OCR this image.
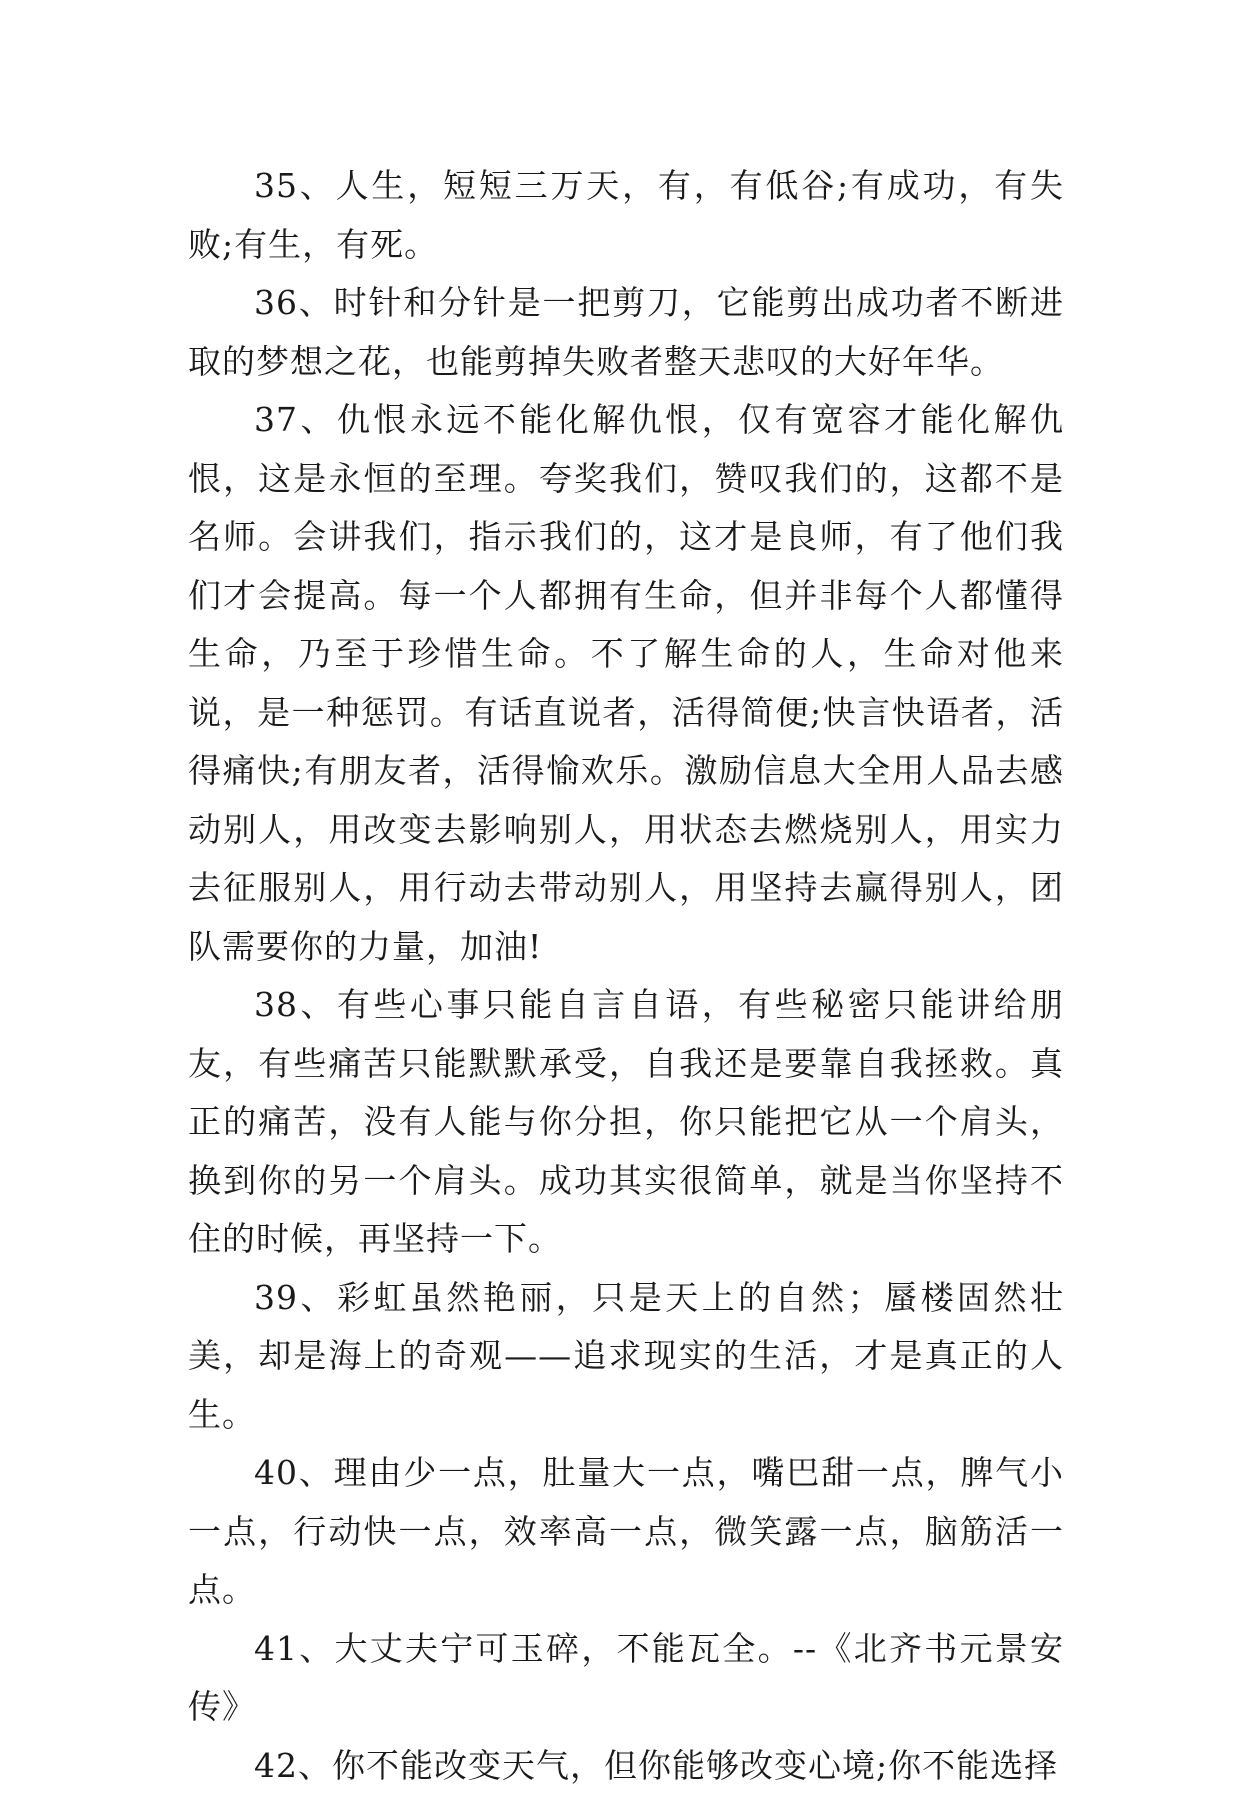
35、人生，短短三万天，有，有低谷;有成功，有失败;有生，有死。

36、时针和分针是一把剪刀，它能剪出成功者不断进取的梦想之花，也能剪掉失败者整天悲叹的大好年华。

37、仇恨永远不能化解仇恨，仅有宽容才能化解仇恨，这是永恒的至理。夸奖我们，赞叹我们的，这都不是名师。会讲我们，指示我们的，这才是良师，有了他们我们才会提高。每一个人都拥有生命，但并非每个人都懂得生命，乃至于珍惜生命。不了解生命的人，生命对他来说，是一种惩罚。有话直说者，活得简便;快言快语者，活得痛快;有朋友者，活得愉欢乐。激励信息大全用人品去感动别人，用改变去影响别人，用状态去燃烧别人，用实力去征服别人，用行动去带动别人，用坚持去赢得别人，团队需要你的力量，加油!

38、有些心事只能自言自语，有些秘密只能讲给朋友，有些痛苦只能默默承受，自我还是要靠自我拯救。真正的痛苦，没有人能与你分担，你只能把它从一个肩头，换到你的另一个肩头。成功其实很简单，就是当你坚持不住的时候，再坚持一下。

39、彩虹虽然艳丽，只是天上的自然；蜃楼固然壮美，却是海上的奇观——追求现实的生活，才是真正的人生。

40、理由少一点，肚量大一点，嘴巴甜一点，脾气小一点，行动快一点，效率高一点，微笑露一点，脑筋活一点。

41、大丈夫宁可玉碎，不能瓦全。--《北齐书元景安传》

42、你不能改变天气，但你能够改变心境;你不能选择
